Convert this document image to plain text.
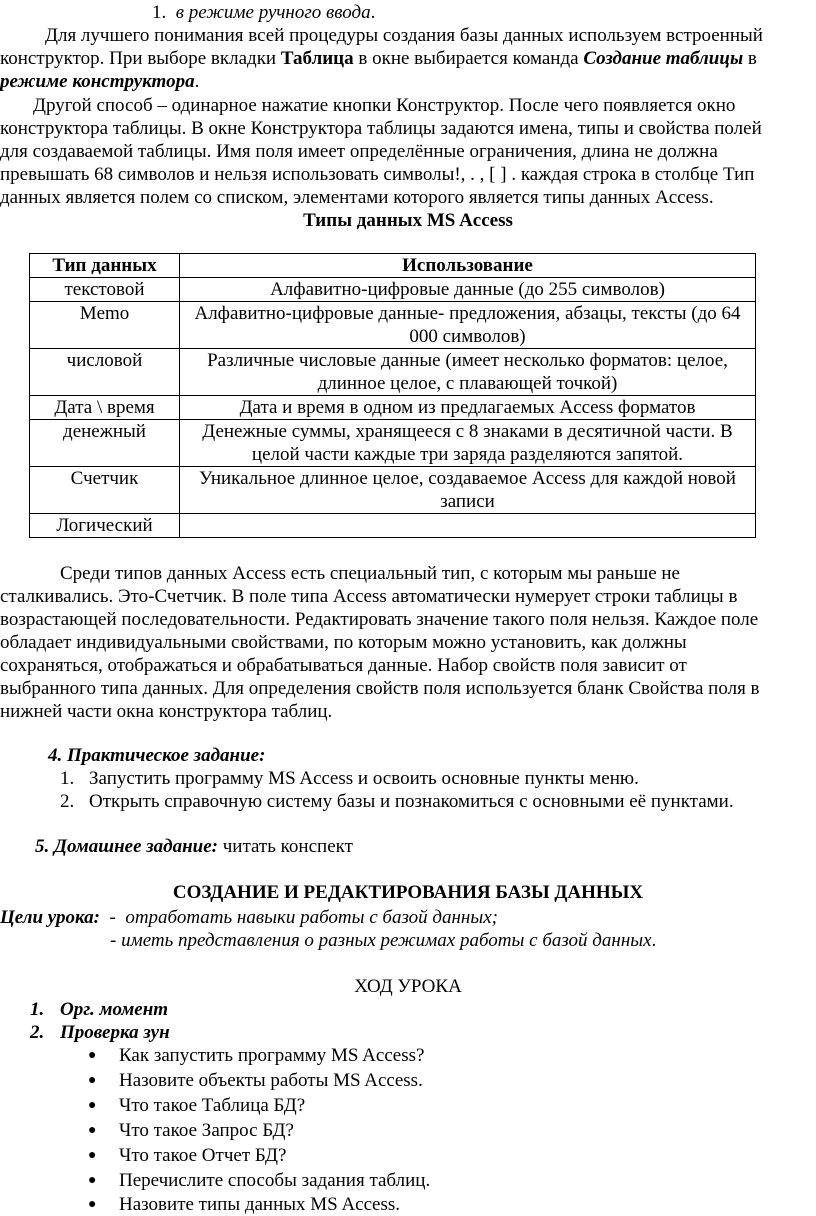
1. в режиме ручного ввода.
Для лучшего понимания всей процедуры создания базы данных используем встроенный
конструктор. При выборе вкладки Таблица в окне выбирается команда Создание таблицы в
режиме конструктора.
Другой способ – одинарное нажатие кнопки Конструктор. После чего появляется окно
конструктора таблицы. В окне Конструктора таблицы задаются имена, типы и свойства полей
для создаваемой таблицы. Имя поля имеет определённые ограничения, длина не должна
превышать 68 символов и нельзя использовать символы!, . , [ ] . каждая строка в столбце Тип
данных является полем со списком, элементами которого является типы данных Access.
Типы данных MS Access
Тип данных	Использование
текстовой	Алфавитно-цифровые данные (до 255 символов)
Memo	Алфавитно-цифровые данные- предложения, абзацы, тексты (до 64 000 символов)
числовой	Различные числовые данные (имеет несколько форматов: целое, длинное целое, с плавающей точкой)
Дата \ время	Дата и время в одном из предлагаемых Access форматов
денежный	Денежные суммы, хранящееся с 8 знаками в десятичной части. В целой части каждые три заряда разделяются запятой.
Счетчик	Уникальное длинное целое, создаваемое Access для каждой новой записи
Логический	
Среди типов данных Access есть специальный тип, с которым мы раньше не
сталкивались. Это-Счетчик. В поле типа Access автоматически нумерует строки таблицы в
возрастающей последовательности. Редактировать значение такого поля нельзя. Каждое поле
обладает индивидуальными свойствами, по которым можно установить, как должны
сохраняться, отображаться и обрабатываться данные. Набор свойств поля зависит от
выбранного типа данных. Для определения свойств поля используется бланк Свойства поля в
нижней части окна конструктора таблиц.
4. Практическое задание:
1. Запустить программу MS Access и освоить основные пункты меню.
2. Открыть справочную систему базы и познакомиться с основными её пунктами.
5. Домашнее задание: читать конспект
СОЗДАНИЕ И РЕДАКТИРОВАНИЯ БАЗЫ ДАННЫХ
Цели урока:  -  отработать навыки работы с базой данных;
- иметь представления о разных режимах работы с базой данных.
ХОД УРОКА
1. Орг. момент
2. Проверка зун
● Как запустить программу MS Access?
● Назовите объекты работы MS Access.
● Что такое Таблица БД?
● Что такое Запрос БД?
● Что такое Отчет БД?
● Перечислите способы задания таблиц.
● Назовите типы данных MS Access.
